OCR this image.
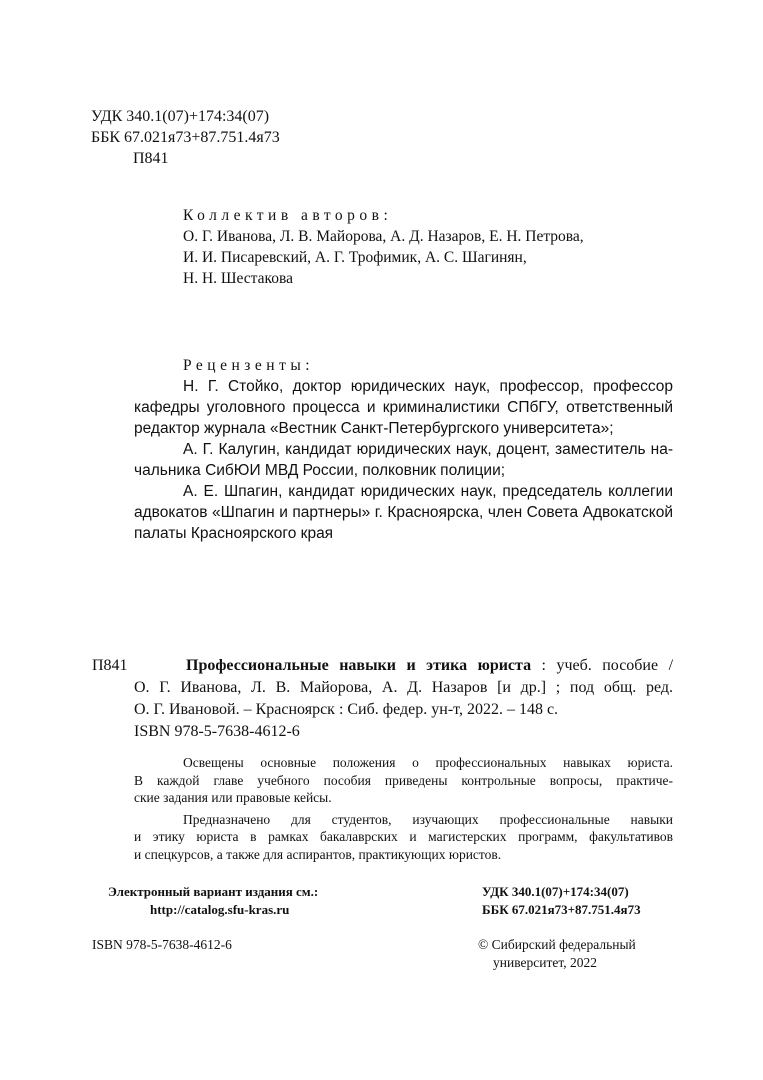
УДК 340.1(07)+174:34(07)
ББК 67.021я73+87.751.4я73
П841
Коллектив авторов:
О. Г. Иванова, Л. В. Майорова, А. Д. Назаров, Е. Н. Петрова,
И. И. Писаревский, А. Г. Трофимик, А. С. Шагинян,
Н. Н. Шестакова
Рецензенты:
Н. Г. Стойко, доктор юридических наук, профессор, профессор
кафедры уголовного процесса и криминалистики СПбГУ, ответственный
редактор журнала «Вестник Санкт-Петербургского университета»;
А. Г. Калугин, кандидат юридических наук, доцент, заместитель на-
чальника СибЮИ МВД России, полковник полиции;
А. Е. Шпагин, кандидат юридических наук, председатель коллегии
адвокатов «Шпагин и партнеры» г. Красноярска, член Совета Адвокатской
палаты Красноярского края
П841	Профессиональные навыки и этика юриста : учеб. пособие /
О. Г. Иванова, Л. В. Майорова, А. Д. Назаров [и др.] ; под общ. ред.
О. Г. Ивановой. – Красноярск : Сиб. федер. ун-т, 2022. – 148 с.
ISBN 978-5-7638-4612-6
Освещены основные положения о профессиональных навыках юриста.
В каждой главе учебного пособия приведены контрольные вопросы, практиче-
ские задания или правовые кейсы.
Предназначено для студентов, изучающих профессиональные навыки
и этику юриста в рамках бакалаврских и магистерских программ, факультативов
и спецкурсов, а также для аспирантов, практикующих юристов.
Электронный вариант издания см.:
http://catalog.sfu-kras.ru
УДК 340.1(07)+174:34(07)
ББК 67.021я73+87.751.4я73
ISBN 978-5-7638-4612-6	© Сибирский федеральный
университет, 2022
